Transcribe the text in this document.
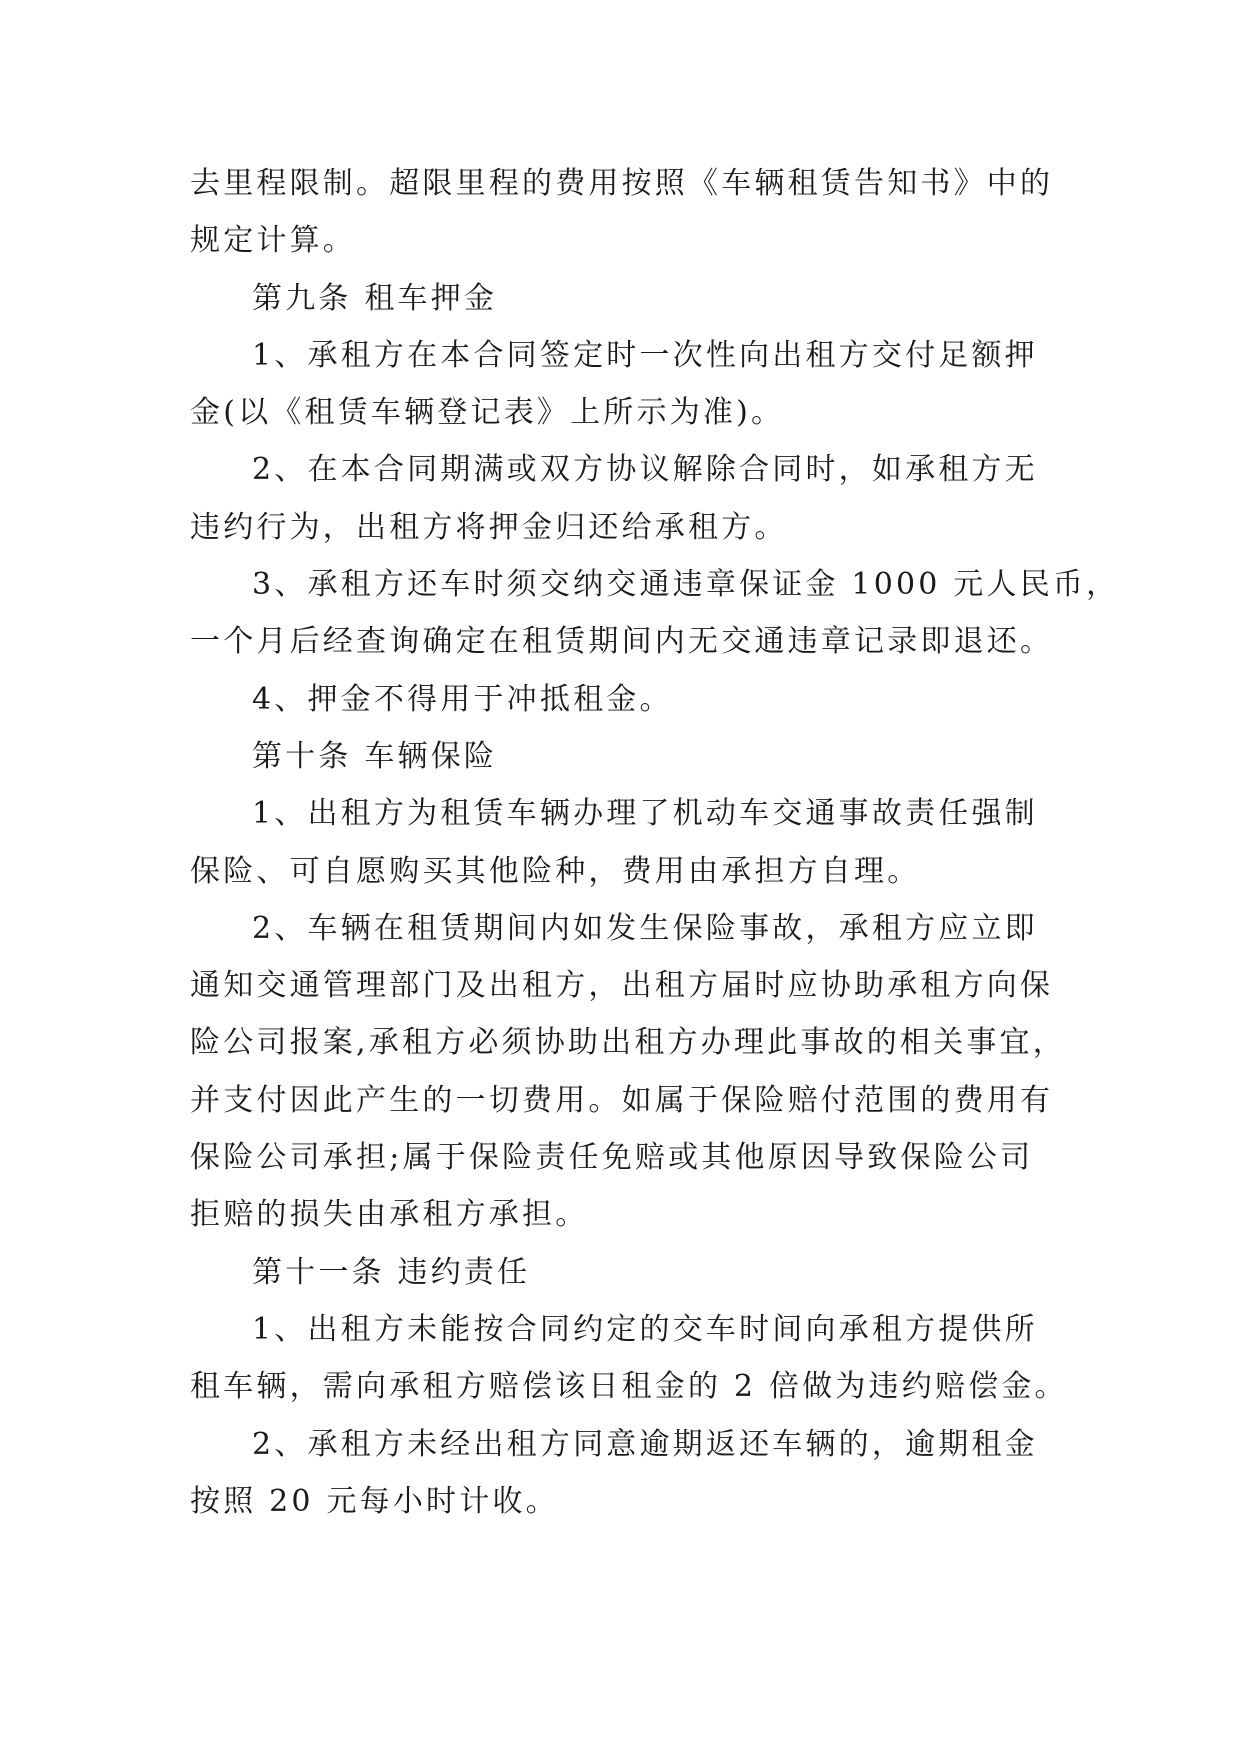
去里程限制。超限里程的费用按照《车辆租赁告知书》中的
规定计算。
第九条 租车押金
1、承租方在本合同签定时一次性向出租方交付足额押
金(以《租赁车辆登记表》上所示为准)。
2、在本合同期满或双方协议解除合同时，如承租方无
违约行为，出租方将押金归还给承租方。
3、承租方还车时须交纳交通违章保证金 1000 元人民币，
一个月后经查询确定在租赁期间内无交通违章记录即退还。
4、押金不得用于冲抵租金。
第十条 车辆保险
1、出租方为租赁车辆办理了机动车交通事故责任强制
保险、可自愿购买其他险种，费用由承担方自理。
2、车辆在租赁期间内如发生保险事故，承租方应立即
通知交通管理部门及出租方，出租方届时应协助承租方向保
险公司报案,承租方必须协助出租方办理此事故的相关事宜，
并支付因此产生的一切费用。如属于保险赔付范围的费用有
保险公司承担;属于保险责任免赔或其他原因导致保险公司
拒赔的损失由承租方承担。
第十一条 违约责任
1、出租方未能按合同约定的交车时间向承租方提供所
租车辆，需向承租方赔偿该日租金的 2 倍做为违约赔偿金。
2、承租方未经出租方同意逾期返还车辆的，逾期租金
按照 20 元每小时计收。
